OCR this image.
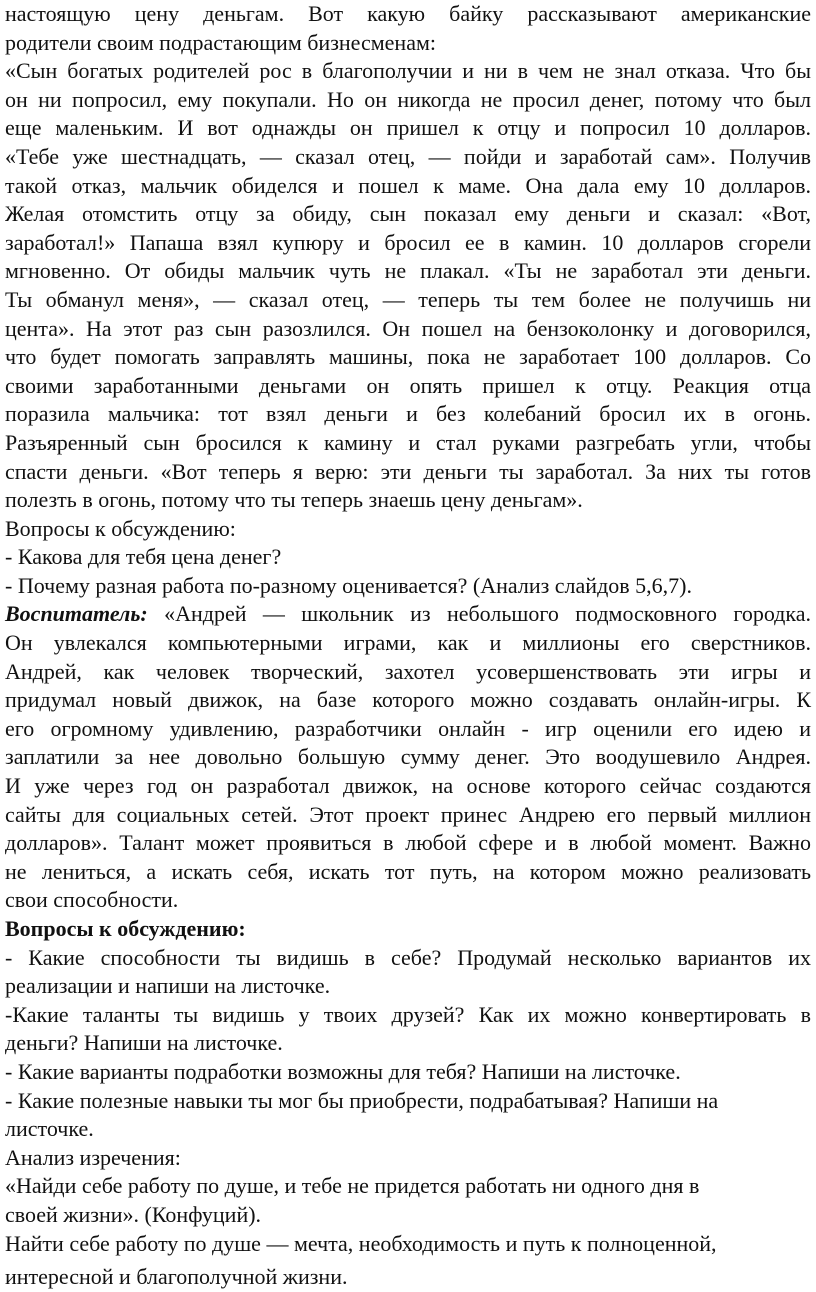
настоящую цену деньгам. Вот какую байку рассказывают американские
родители своим подрастающим бизнесменам:
«Сын богатых родителей рос в благополучии и ни в чем не знал отказа. Что бы
он ни попросил, ему покупали. Но он никогда не просил денег, потому что был
еще маленьким. И вот однажды он пришел к отцу и попросил 10 долларов.
«Тебе уже шестнадцать, — сказал отец, — пойди и заработай сам». Получив
такой отказ, мальчик обиделся и пошел к маме. Она дала ему 10 долларов.
Желая отомстить отцу за обиду, сын показал ему деньги и сказал: «Вот,
заработал!» Папаша взял купюру и бросил ее в камин. 10 долларов сгорели
мгновенно. От обиды мальчик чуть не плакал. «Ты не заработал эти деньги.
Ты обманул меня», — сказал отец, — теперь ты тем более не получишь ни
цента». На этот раз сын разозлился. Он пошел на бензоколонку и договорился,
что будет помогать заправлять машины, пока не заработает 100 долларов. Со
своими заработанными деньгами он опять пришел к отцу. Реакция отца
поразила мальчика: тот взял деньги и без колебаний бросил их в огонь.
Разъяренный сын бросился к камину и стал руками разгребать угли, чтобы
спасти деньги. «Вот теперь я верю: эти деньги ты заработал. За них ты готов
полезть в огонь, потому что ты теперь знаешь цену деньгам».
Вопросы к обсуждению:
- Какова для тебя цена денег?
- Почему разная работа по-разному оценивается? (Анализ слайдов 5,6,7).
Воспитатель: «Андрей — школьник из небольшого подмосковного городка.
Он увлекался компьютерными играми, как и миллионы его сверстников.
Андрей, как человек творческий, захотел усовершенствовать эти игры и
придумал новый движок, на базе которого можно создавать онлайн-игры. К
его огромному удивлению, разработчики онлайн - игр оценили его идею и
заплатили за нее довольно большую сумму денег. Это воодушевило Андрея.
И уже через год он разработал движок, на основе которого сейчас создаются
сайты для социальных сетей. Этот проект принес Андрею его первый миллион
долларов». Талант может проявиться в любой сфере и в любой момент. Важно
не лениться, а искать себя, искать тот путь, на котором можно реализовать
свои способности.
Вопросы к обсуждению:
- Какие способности ты видишь в себе? Продумай несколько вариантов их
реализации и напиши на листочке.
-Какие таланты ты видишь у твоих друзей? Как их можно конвертировать в
деньги? Напиши на листочке.
- Какие варианты подработки возможны для тебя? Напиши на листочке.
- Какие полезные навыки ты мог бы приобрести, подрабатывая? Напиши на
листочке.
Анализ изречения:
«Найди себе работу по душе, и тебе не придется работать ни одного дня в
своей жизни». (Конфуций).
Найти себе работу по душе — мечта, необходимость и путь к полноценной,
интересной и благополучной жизни.
